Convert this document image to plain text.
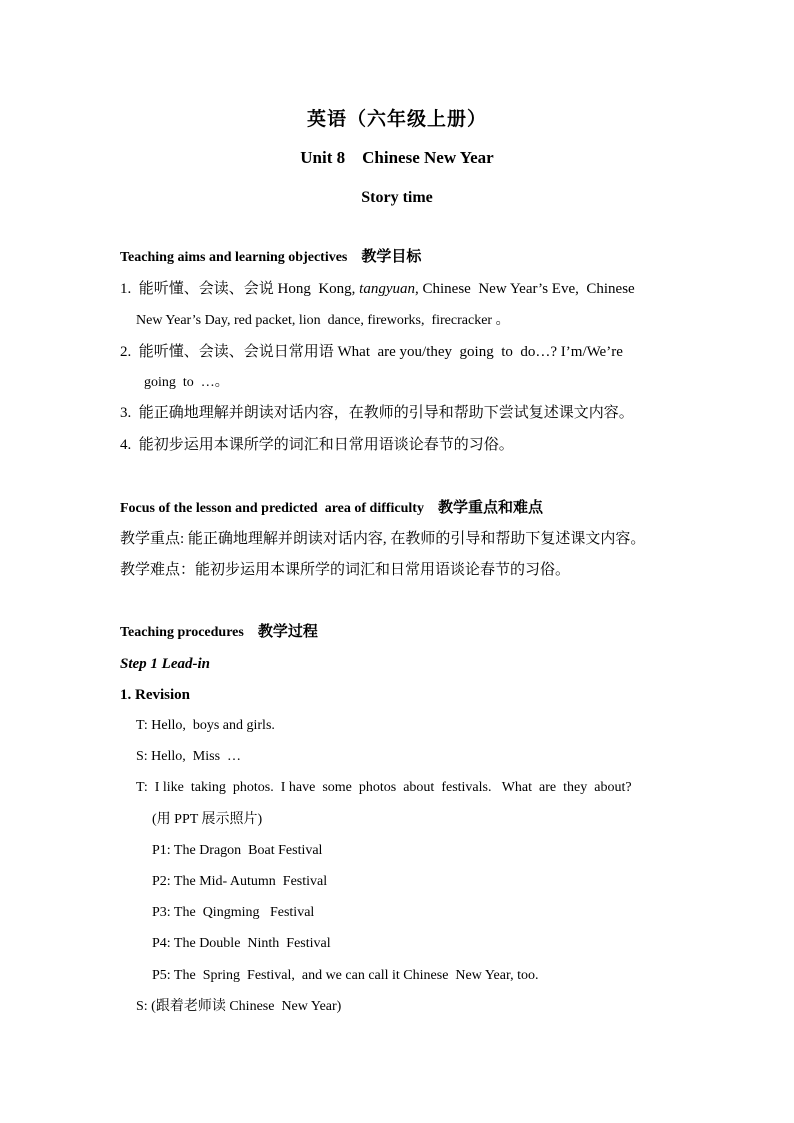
英语（六年级上册）
Unit 8    Chinese New Year
Story time
Teaching aims and learning objectives 教学目标
1.  能听懂、会读、会说 Hong  Kong, tangyuan, Chinese  New Year’s Eve,  Chinese
New Year’s Day, red packet, lion  dance, fireworks,  firecracker 。
2.  能听懂、会读、会说日常用语 What  are you/they  going  to  do…? I’m/We’re
going  to  …。
3.  能正确地理解并朗读对话内容，在教师的引导和帮助下尝试复述课文内容。
4.  能初步运用本课所学的词汇和日常用语谈论春节的习俗。
Focus of the lesson and predicted  area of difficulty 教学重点和难点
教学重点: 能正确地理解并朗读对话内容, 在教师的引导和帮助下复述课文内容。
教学难点：能初步运用本课所学的词汇和日常用语谈论春节的习俗。
Teaching procedures 教学过程
Step 1 Lead-in
1. Revision
T: Hello,  boys and girls.
S: Hello,  Miss  …
T:  I like  taking  photos.  I have  some  photos  about  festivals.   What  are  they  about?
(用 PPT 展示照片)
P1: The Dragon  Boat Festival
P2: The Mid- Autumn  Festival
P3: The  Qingming   Festival
P4: The Double  Ninth  Festival
P5: The  Spring  Festival,  and we can call it Chinese  New Year, too.
S: (跟着老师读 Chinese  New Year)
